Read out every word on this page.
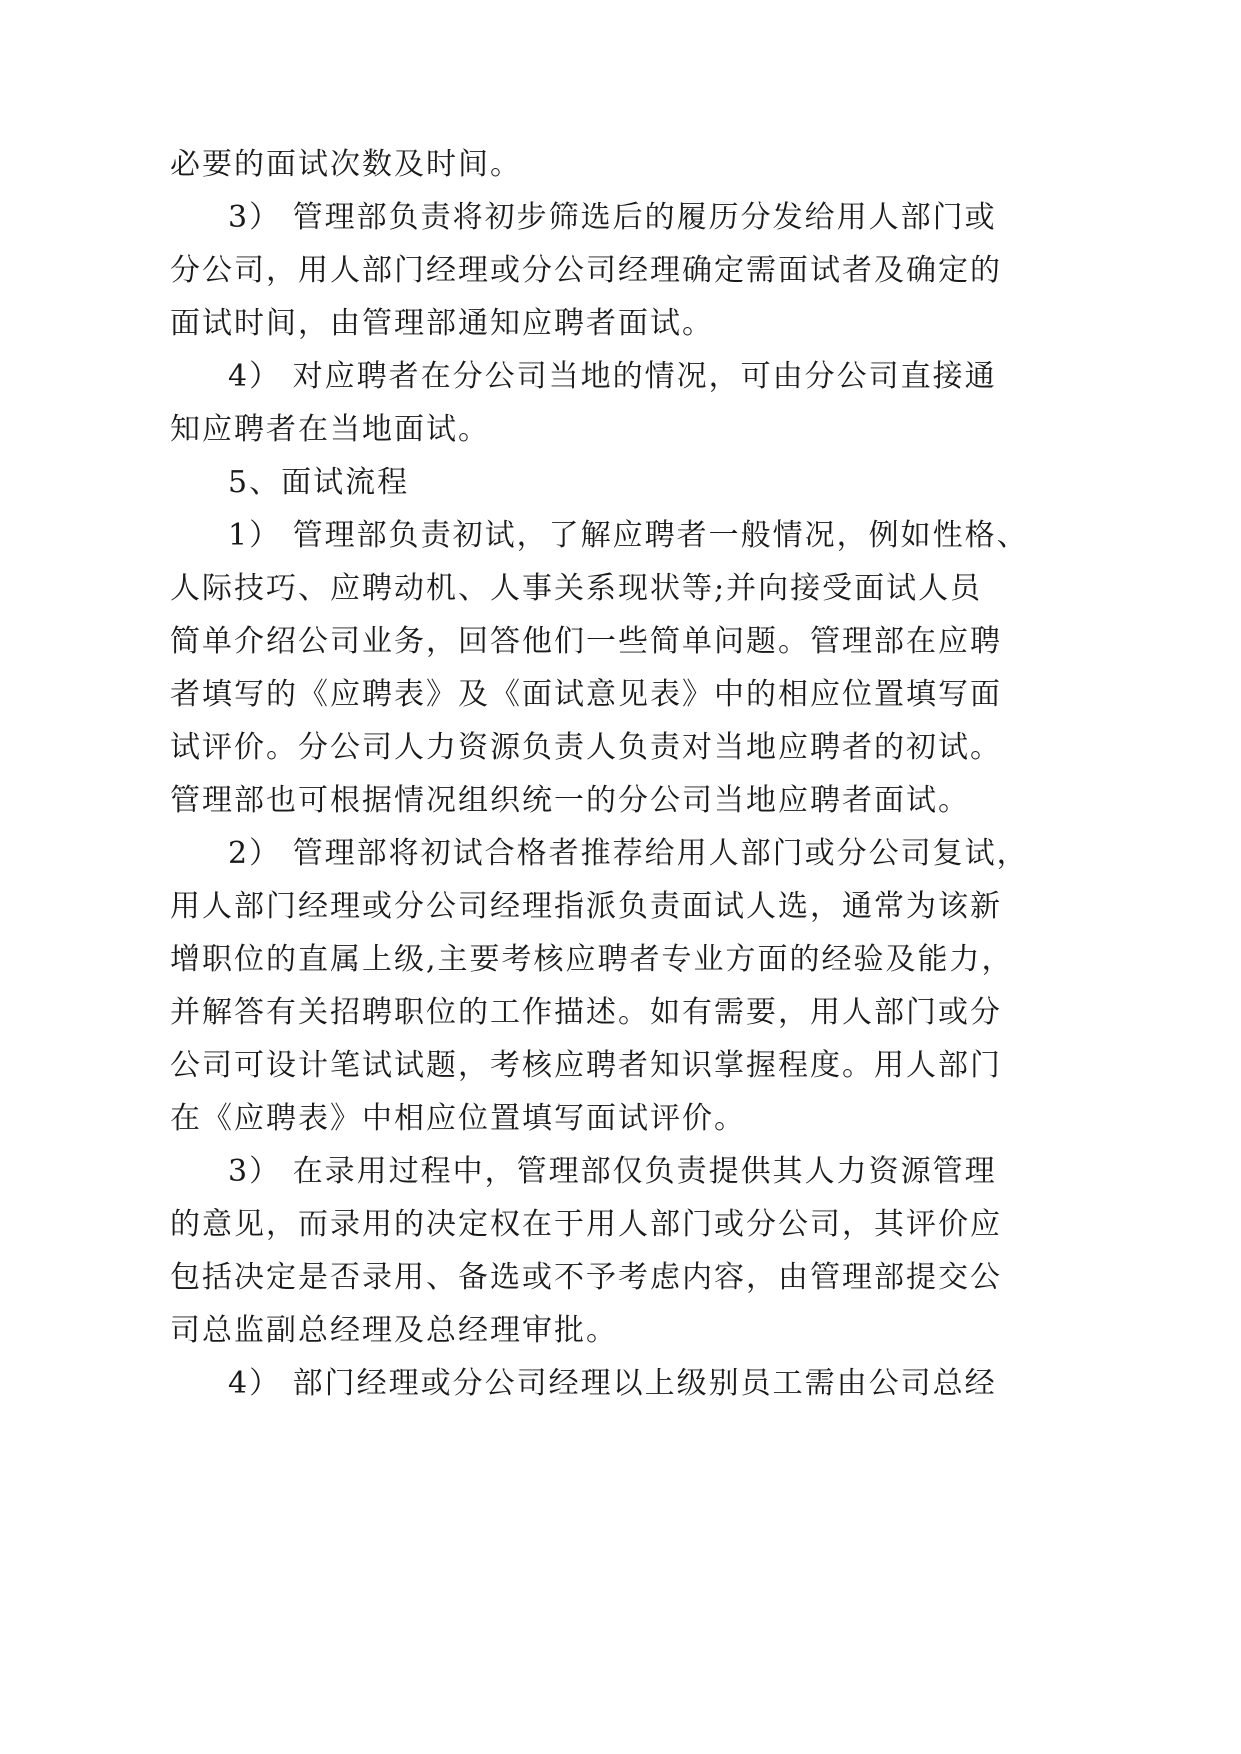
必要的面试次数及时间。
3） 管理部负责将初步筛选后的履历分发给用人部门或
分公司，用人部门经理或分公司经理确定需面试者及确定的
面试时间，由管理部通知应聘者面试。
4） 对应聘者在分公司当地的情况，可由分公司直接通
知应聘者在当地面试。
5、面试流程
1） 管理部负责初试，了解应聘者一般情况，例如性格、
人际技巧、应聘动机、人事关系现状等;并向接受面试人员
简单介绍公司业务，回答他们一些简单问题。管理部在应聘
者填写的《应聘表》及《面试意见表》中的相应位置填写面
试评价。分公司人力资源负责人负责对当地应聘者的初试。
管理部也可根据情况组织统一的分公司当地应聘者面试。
2） 管理部将初试合格者推荐给用人部门或分公司复试，
用人部门经理或分公司经理指派负责面试人选，通常为该新
增职位的直属上级,主要考核应聘者专业方面的经验及能力，
并解答有关招聘职位的工作描述。如有需要，用人部门或分
公司可设计笔试试题，考核应聘者知识掌握程度。用人部门
在《应聘表》中相应位置填写面试评价。
3） 在录用过程中，管理部仅负责提供其人力资源管理
的意见，而录用的决定权在于用人部门或分公司，其评价应
包括决定是否录用、备选或不予考虑内容，由管理部提交公
司总监副总经理及总经理审批。
4） 部门经理或分公司经理以上级别员工需由公司总经
